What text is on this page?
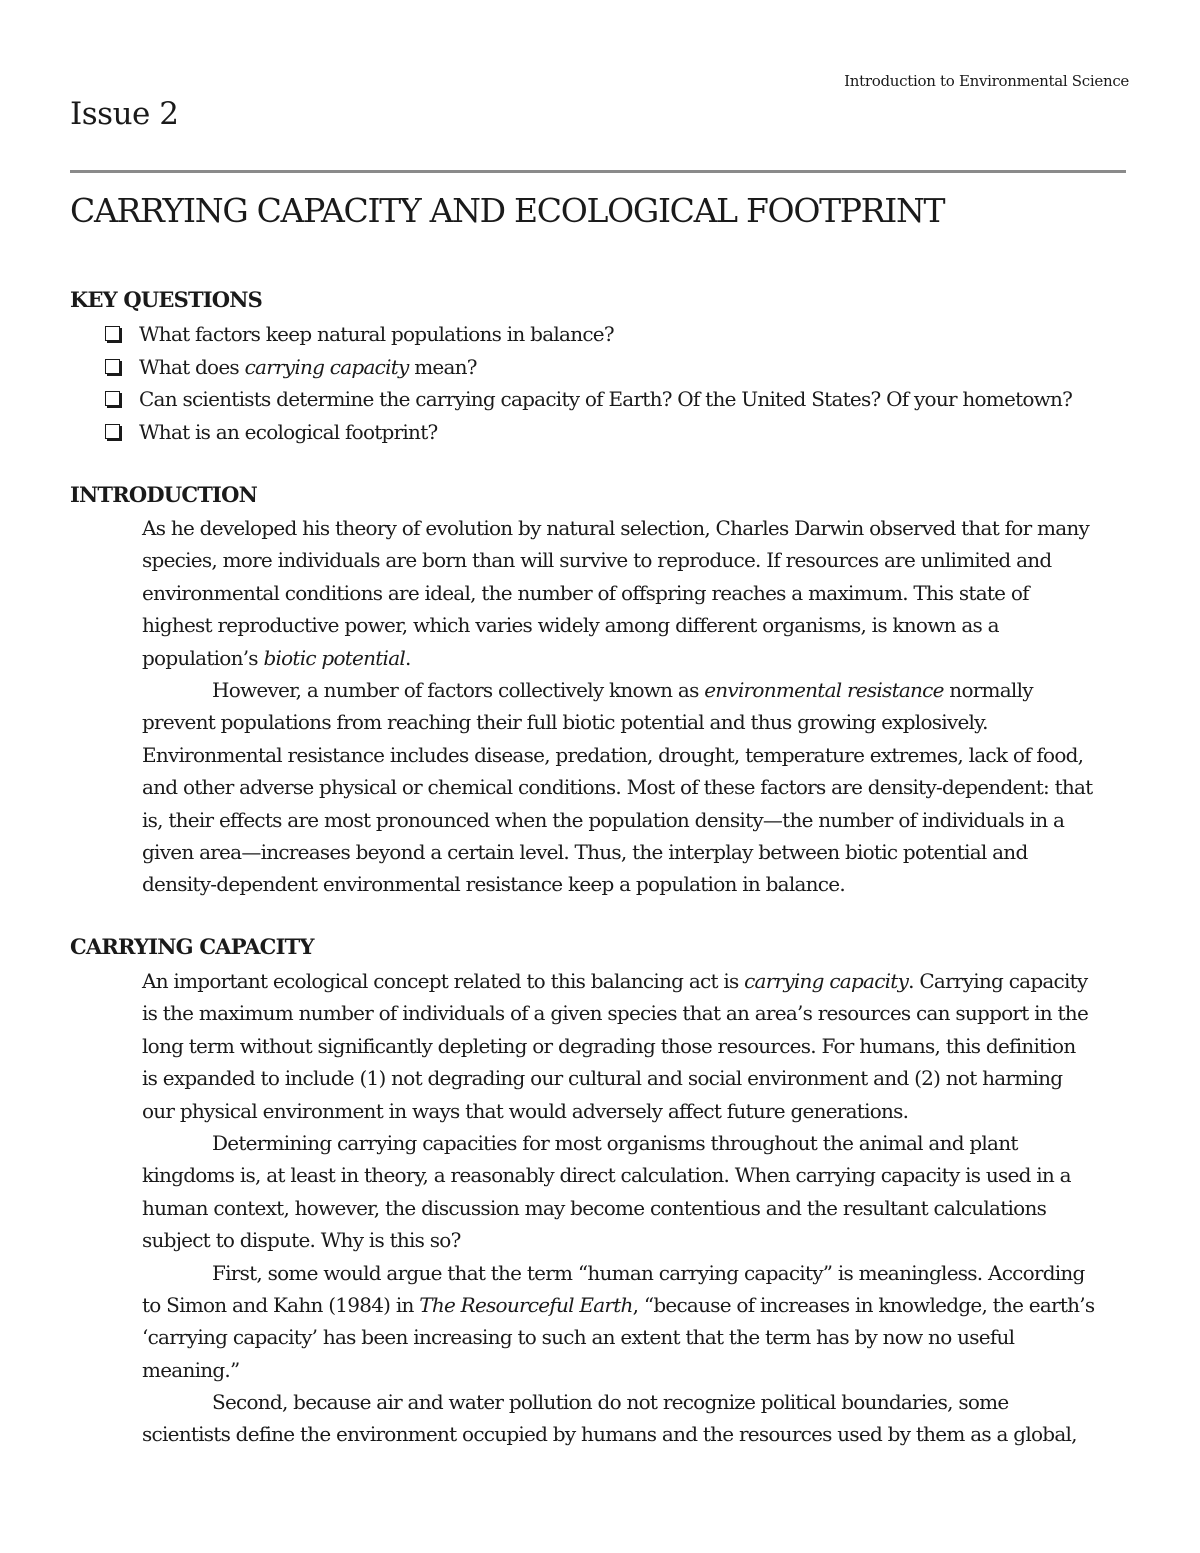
Introduction to Environmental Science
Issue 2
CARRYING CAPACITY AND ECOLOGICAL FOOTPRINT
KEY QUESTIONS
What factors keep natural populations in balance?
What does carrying capacity mean?
Can scientists determine the carrying capacity of Earth? Of the United States? Of your hometown?
What is an ecological footprint?
INTRODUCTION
As he developed his theory of evolution by natural selection, Charles Darwin observed that for many
species, more individuals are born than will survive to reproduce. If resources are unlimited and
environmental conditions are ideal, the number of offspring reaches a maximum. This state of
highest reproductive power, which varies widely among different organisms, is known as a
population’s biotic potential.
However, a number of factors collectively known as environmental resistance normally
prevent populations from reaching their full biotic potential and thus growing explosively.
Environmental resistance includes disease, predation, drought, temperature extremes, lack of food,
and other adverse physical or chemical conditions. Most of these factors are density-dependent: that
is, their effects are most pronounced when the population density—the number of individuals in a
given area—increases beyond a certain level. Thus, the interplay between biotic potential and
density-dependent environmental resistance keep a population in balance.
CARRYING CAPACITY
An important ecological concept related to this balancing act is carrying capacity. Carrying capacity
is the maximum number of individuals of a given species that an area’s resources can support in the
long term without significantly depleting or degrading those resources. For humans, this definition
is expanded to include (1) not degrading our cultural and social environment and (2) not harming
our physical environment in ways that would adversely affect future generations.
Determining carrying capacities for most organisms throughout the animal and plant
kingdoms is, at least in theory, a reasonably direct calculation. When carrying capacity is used in a
human context, however, the discussion may become contentious and the resultant calculations
subject to dispute. Why is this so?
First, some would argue that the term “human carrying capacity” is meaningless. According
to Simon and Kahn (1984) in The Resourceful Earth, “because of increases in knowledge, the earth’s
‘carrying capacity’ has been increasing to such an extent that the term has by now no useful
meaning.”
Second, because air and water pollution do not recognize political boundaries, some
scientists define the environment occupied by humans and the resources used by them as a global,
